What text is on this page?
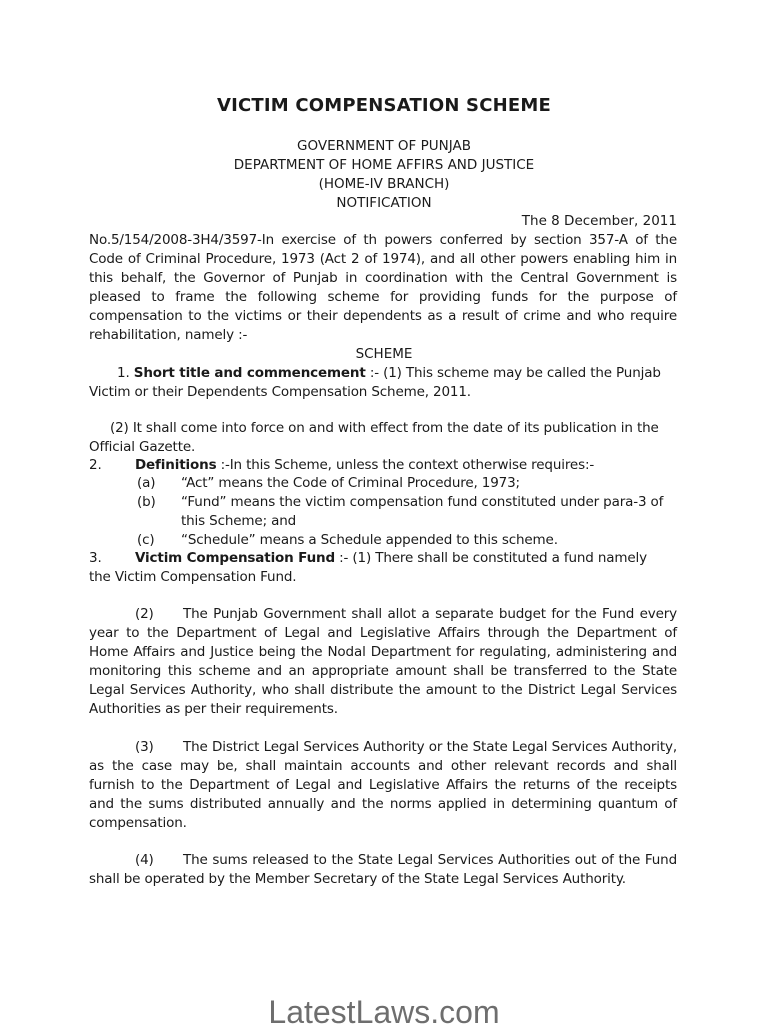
VICTIM COMPENSATION SCHEME
GOVERNMENT OF PUNJAB
DEPARTMENT OF HOME AFFIRS AND JUSTICE
(HOME-IV BRANCH)
NOTIFICATION
The 8 December, 2011
No.5/154/2008-3H4/3597-In exercise of th powers conferred by section 357-A of the
Code of Criminal Procedure, 1973 (Act 2 of 1974), and all other powers enabling him in
this behalf, the Governor of Punjab in coordination with the Central Government is
pleased to frame the following scheme for providing funds for the purpose of
compensation to the victims or their dependents as a result of crime and who require
rehabilitation, namely :-
SCHEME
1. Short title and commencement :- (1) This scheme may be called the Punjab
Victim or their Dependents Compensation Scheme, 2011.
(2) It shall come into force on and with effect from the date of its publication in the
Official Gazette.
2. Definitions :-In this Scheme, unless the context otherwise requires:-
(a) “Act” means the Code of Criminal Procedure, 1973;
(b) “Fund” means the victim compensation fund constituted under para-3 of
this Scheme; and
(c) “Schedule” means a Schedule appended to this scheme.
3. Victim Compensation Fund :- (1) There shall be constituted a fund namely
the Victim Compensation Fund.
(2) The Punjab Government shall allot a separate budget for the Fund every
year to the Department of Legal and Legislative Affairs through the Department of
Home Affairs and Justice being the Nodal Department for regulating, administering and
monitoring this scheme and an appropriate amount shall be transferred to the State
Legal Services Authority, who shall distribute the amount to the District Legal Services
Authorities as per their requirements.
(3) The District Legal Services Authority or the State Legal Services Authority,
as the case may be, shall maintain accounts and other relevant records and shall
furnish to the Department of Legal and Legislative Affairs the returns of the receipts
and the sums distributed annually and the norms applied in determining quantum of
compensation.
(4) The sums released to the State Legal Services Authorities out of the Fund
shall be operated by the Member Secretary of the State Legal Services Authority.
LatestLaws.com
